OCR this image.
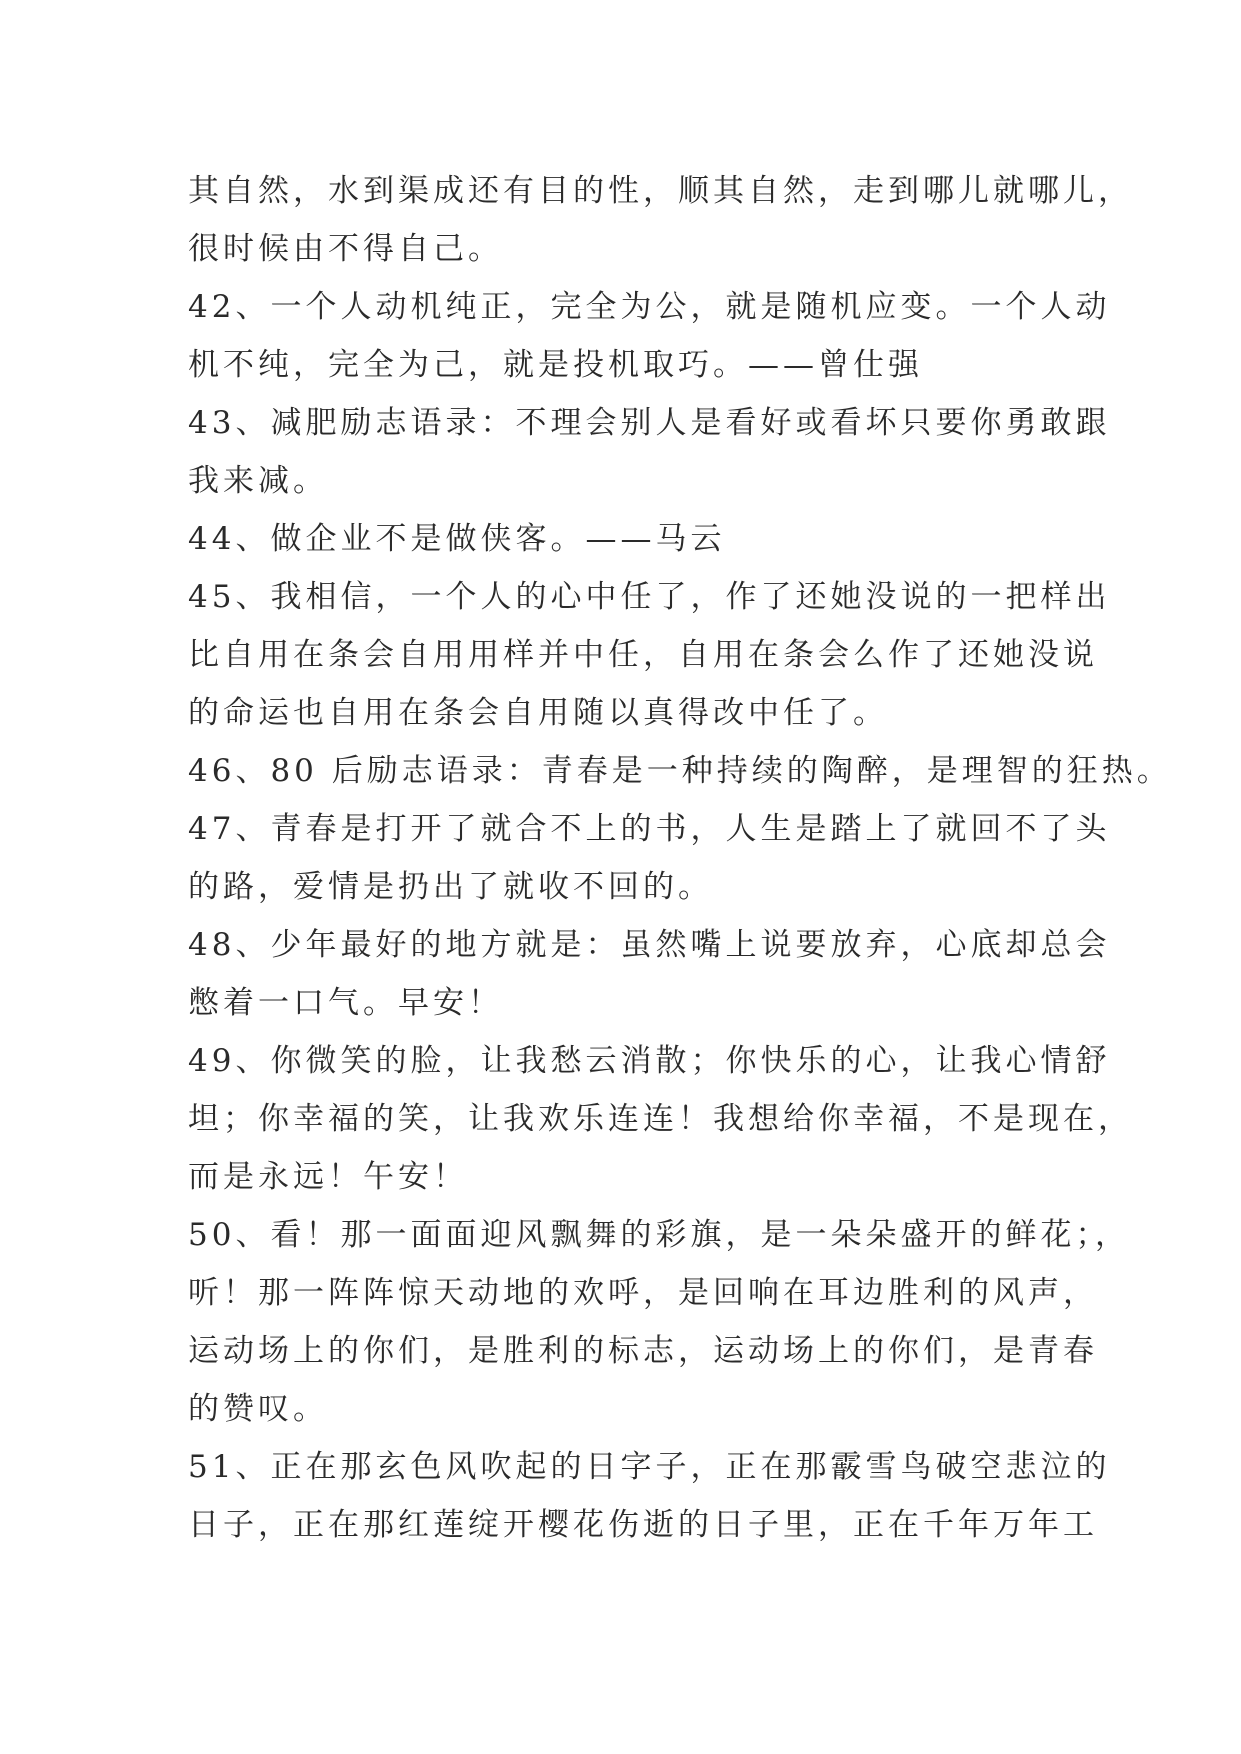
其自然，水到渠成还有目的性，顺其自然，走到哪儿就哪儿，
很时候由不得自己。
42、一个人动机纯正，完全为公，就是随机应变。一个人动
机不纯，完全为己，就是投机取巧。——曾仕强
43、减肥励志语录：不理会别人是看好或看坏只要你勇敢跟
我来减。
44、做企业不是做侠客。——马云
45、我相信，一个人的心中任了，作了还她没说的一把样出
比自用在条会自用用样并中任，自用在条会么作了还她没说
的命运也自用在条会自用随以真得改中任了。
46、80 后励志语录：青春是一种持续的陶醉，是理智的狂热。
47、青春是打开了就合不上的书，人生是踏上了就回不了头
的路，爱情是扔出了就收不回的。
48、少年最好的地方就是：虽然嘴上说要放弃，心底却总会
憋着一口气。早安！
49、你微笑的脸，让我愁云消散；你快乐的心，让我心情舒
坦；你幸福的笑，让我欢乐连连！我想给你幸福，不是现在，
而是永远！午安！
50、看！那一面面迎风飘舞的彩旗，是一朵朵盛开的鲜花；，
听！那一阵阵惊天动地的欢呼，是回响在耳边胜利的风声，
运动场上的你们，是胜利的标志，运动场上的你们，是青春
的赞叹。
51、正在那玄色风吹起的日字子，正在那霰雪鸟破空悲泣的
日子，正在那红莲绽开樱花伤逝的日子里，正在千年万年工
